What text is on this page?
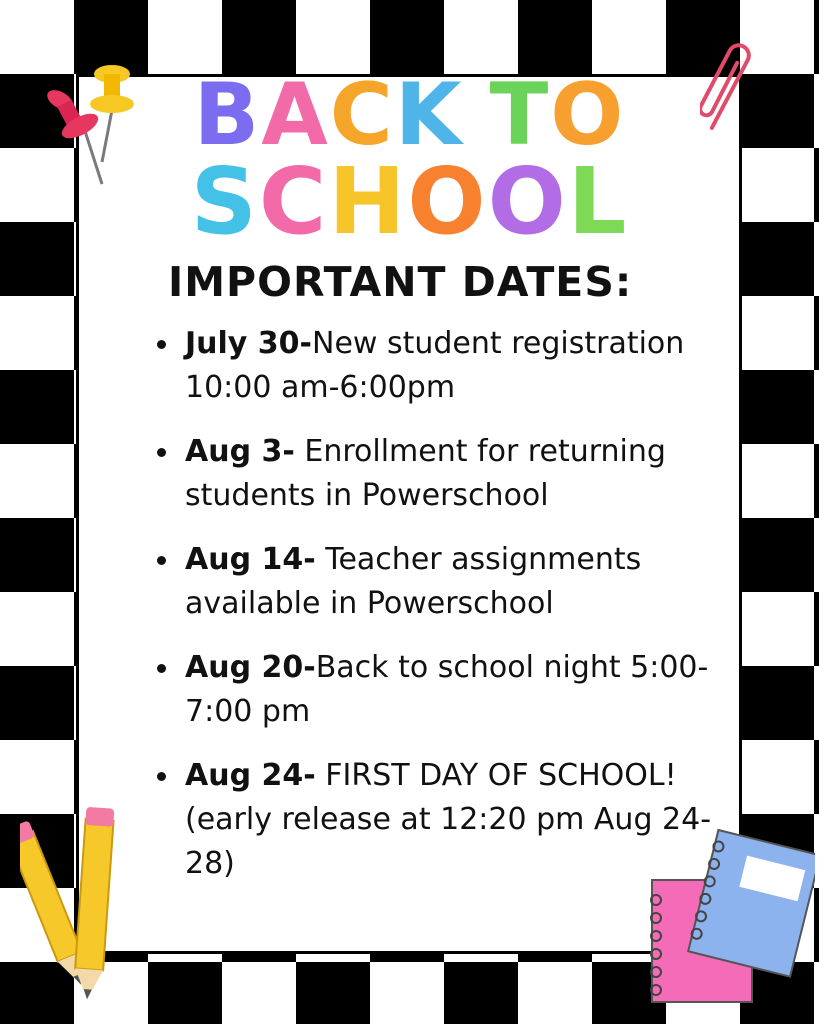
BACK TO
SCHOOL
IMPORTANT DATES:
July 30-New student registration 10:00 am-6:00pm
Aug 3- Enrollment for returning students in Powerschool
Aug 14- Teacher assignments available in Powerschool
Aug 20-Back to school night 5:00-7:00 pm
Aug 24- FIRST DAY OF SCHOOL! (early release at 12:20 pm Aug 24-28)
